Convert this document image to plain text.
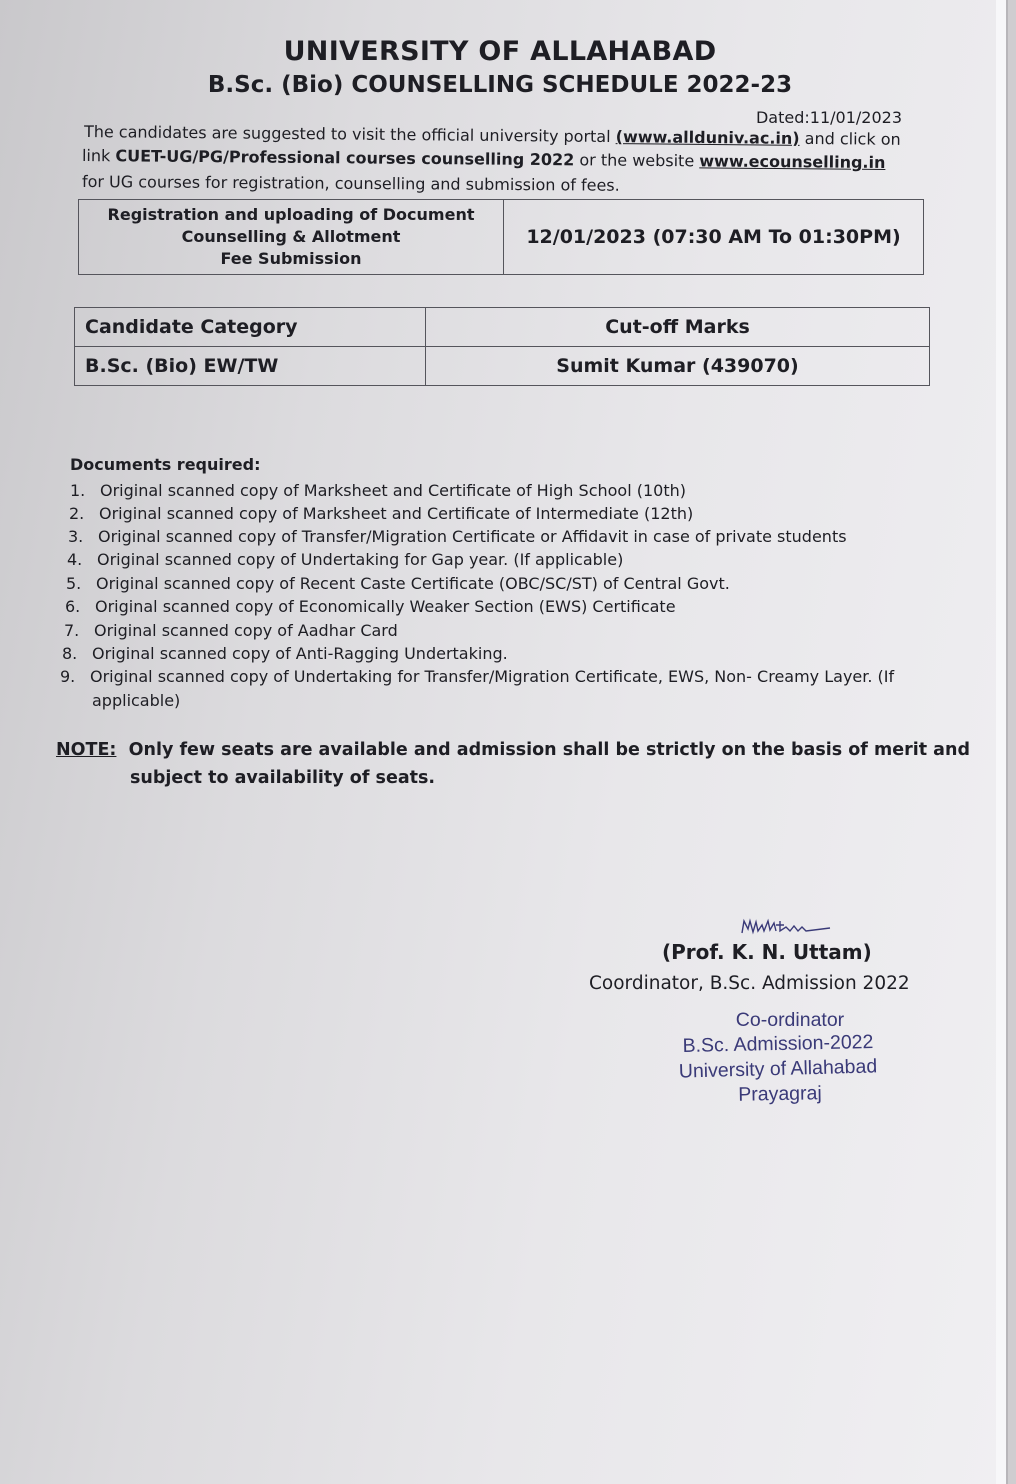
UNIVERSITY OF ALLAHABAD
B.Sc. (Bio) COUNSELLING SCHEDULE 2022-23
Dated:11/01/2023
The candidates are suggested to visit the official university portal (www.allduniv.ac.in) and click on
link CUET-UG/PG/Professional courses counselling 2022 or the website www.ecounselling.in
for UG courses for registration, counselling and submission of fees.
Registration and uploading of Document
Counselling & Allotment
Fee Submission
	12/01/2023 (07:30 AM To 01:30PM)
Candidate Category	Cut-off Marks
B.Sc. (Bio) EW/TW	Sumit Kumar (439070)
Documents required:
1. Original scanned copy of Marksheet and Certificate of High School (10th)
2. Original scanned copy of Marksheet and Certificate of Intermediate (12th)
3. Original scanned copy of Transfer/Migration Certificate or Affidavit in case of private students
4. Original scanned copy of Undertaking for Gap year. (If applicable)
5. Original scanned copy of Recent Caste Certificate (OBC/SC/ST) of Central Govt.
6. Original scanned copy of Economically Weaker Section (EWS) Certificate
7. Original scanned copy of Aadhar Card
8. Original scanned copy of Anti-Ragging Undertaking.
9. Original scanned copy of Undertaking for Transfer/Migration Certificate, EWS, Non- Creamy Layer. (If
applicable)
NOTE: Only few seats are available and admission shall be strictly on the basis of merit and
subject to availability of seats.
(Prof. K. N. Uttam)
Coordinator, B.Sc. Admission 2022
Co-ordinator
B.Sc. Admission-2022
University of Allahabad
Prayagraj
